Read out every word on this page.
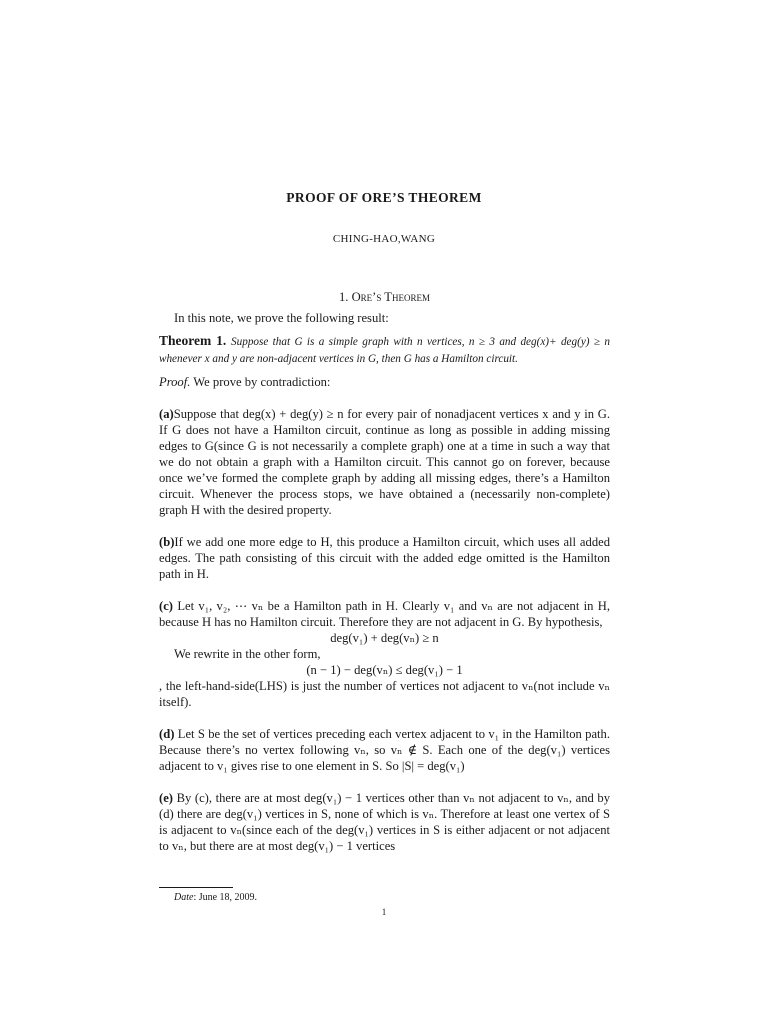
PROOF OF ORE’S THEOREM
CHING-HAO,WANG
1. Ore’s Theorem

In this note, we prove the following result:

Theorem 1. Suppose that G is a simple graph with n vertices, n ≥ 3 and deg(x)+ deg(y) ≥ n whenever x and y are non-adjacent vertices in G, then G has a Hamilton circuit.

Proof. We prove by contradiction:

(a)Suppose that deg(x) + deg(y) ≥ n for every pair of nonadjacent vertices x and y in G. If G does not have a Hamilton circuit, continue as long as possible in adding missing edges to G(since G is not necessarily a complete graph) one at a time in such a way that we do not obtain a graph with a Hamilton circuit. This cannot go on forever, because once we’ve formed the complete graph by adding all missing edges, there’s a Hamilton circuit. Whenever the process stops, we have obtained a (necessarily non-complete) graph H with the desired property.

(b)If we add one more edge to H, this produce a Hamilton circuit, which uses all added edges. The path consisting of this circuit with the added edge omitted is the Hamilton path in H.

(c) Let v₁, v₂, ⋯ vₙ be a Hamilton path in H. Clearly v₁ and vₙ are not adjacent in H, because H has no Hamilton circuit. Therefore they are not adjacent in G. By hypothesis,

deg(v₁) + deg(vₙ) ≥ n

We rewrite in the other form,

(n − 1) − deg(vₙ) ≤ deg(v₁) − 1

, the left-hand-side(LHS) is just the number of vertices not adjacent to vₙ(not include vₙ itself).

(d) Let S be the set of vertices preceding each vertex adjacent to v₁ in the Hamilton path. Because there’s no vertex following vₙ, so vₙ ∉ S. Each one of the deg(v₁) vertices adjacent to v₁ gives rise to one element in S. So |S| = deg(v₁)

(e) By (c), there are at most deg(v₁) − 1 vertices other than vₙ not adjacent to vₙ, and by (d) there are deg(v₁) vertices in S, none of which is vₙ. Therefore at least one vertex of S is adjacent to vₙ(since each of the deg(v₁) vertices in S is either adjacent or not adjacent to vₙ, but there are at most deg(v₁) − 1 vertices

Date: June 18, 2009.
1
